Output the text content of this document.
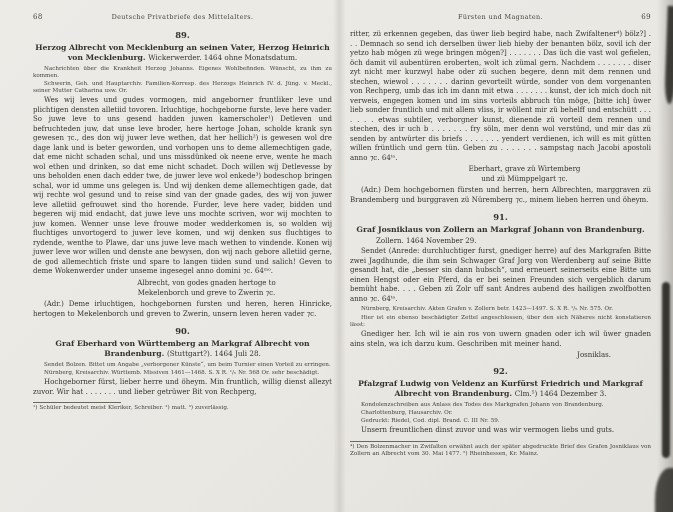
68	Deutsche Privatbriefe des Mittelalters.
89.
Herzog Albrecht von Mecklenburg an seinen Vater, Herzog Heinrich von Mecklenburg. Wickerwerder. 1464 ohne Monatsdatum.

Nachrichten über die Krankheit Herzog Johanns. Eigenes Wohlbefinden. Wünscht, zu ihm zu kommen.

Schwerin, Geh. und Hauptarchiv. Familien-Korresp. des Herzogs Heinrich IV. d. Jüng. v. Meckl., seiner Mutter Catharina usw. Or.

Wes wij leves und gudes vormogen, mid angeborner fruntliker leve und plichtigen densten alletiid tovoren. Irluchtige, hochgeborne furste, leve here vader. So juwe leve to uns gesend hadden juwen kamerscholer¹) Detleven und befruchteden juw, dat unse leve broder, here hertoge Johan, scholde krank syn gewesen ⁊c., des don wij juwer leve wethen, dat her hellich²) is gewesen wol dre dage lank und is beter geworden, und vorhopen uns to deme allemechtigen gade, dat eme nicht schaden schal, und uns missdünked ok neene erve, wente he mach wol ethen und drinken, so dat eme nicht schadet. Doch willen wij Detlevesse by uns beholden enen dach edder twe, de juwer leve wol enkede³) bodeschop bringen schal, wor id umme uns gelegen is. Und wij denken deme allemechtigen gade, dat wij rechte wol gesund und to reise sind van der gnade gades, des wij von juwer leve alletiid gefrouwet sind tho horende. Furder, leve here vader, bidden und begeren wij mid endacht, dat juwe leve uns mochte scriven, wor wij mochten to juw komen. Wenner unse leve frouwe moder wedderkomen is, so wolden wij fluchtiges unvortogerd to juwer leve komen, und wij denken sus fluchtiges to rydende, wenthe to Plawe, dar uns juwe leve mach wethen to vindende. Konen wij juwer leve wor willen und denste ane bewysen, don wij nach gebore alletiid gerne, de god allemechtich friste und spare to langen tiiden sund und salich! Geven to deme Wokenwerder under unseme ingesegel anno domini ⁊c. 64ᵐᵒ.

Albrecht, von godes gnaden hertoge to
Mekelenborch und greve to Zwerin ⁊c.

(Adr.) Deme irluchtigen, hochgebornen fursten und heren, heren Hinricke, hertogen to Mekelenborch und greven to Zwerin, unsern leven heren vader ⁊c.

90.
Graf Eberhard von Württemberg an Markgraf Albrecht von Brandenburg. (Stuttgart?). 1464 Juli 28.

Sendet Bolzen. Bittet um Angabe „verborgener Künste“, um beim Turnier einen Vorteil zu erringen.

Nürnberg, Kreisarchiv. Württemb. Missiven 1461—1468. S. X R. ¹/₅ Nr. 568 Or. sehr beschädigt.

Hochgeborner fürst, lieber herre und öheym. Min fruntlich, willig dienst allezyt zuvor. Wir hat . . . . . . . und lieber getrüwer Bit von Rechperg,

¹) Schüler bedeutet meist Kleriker, Schreiber. ²) matt. ³) zuverlässig.

Fürsten und Magnaten.	69

ritter, zü erkennen gegeben, das üwer lieb begird habe, nach Zwifaltener⁴) bölz?] . . . Demnach so send ich derselben üwer lieb hieby der benanten bölz, sovil ich der yetzo hab mögen zü wege bringen mögen?] . . . . . . . Das üch die vast wol gefielen, öch damit vil aubentüren eroberten, wolt ich zümal gern. Nachdem . . . . . . . diser zyt nicht mer kurzwyl habe oder zü suchen begere, denn mit dem rennen und stechen, wiewol . . . . . . . darinn gevorteilt würde, sonder von dem vorgenanten von Rechperg, umb das ich im dann mit etwa . . . . . . . kunst, der ich mich doch nit verweis, engegen komen und im sins vorteils abbruch tün möge, [bitte ich] üwer lieb sonder fruntlich und mit allem vliss, ir wöllent mir zü behelff und entschütt . . . . . . . etwas subtiler, verborgner kunst, dienende zü vorteil dem rennen und stechen, des ir uch b . . . . . . . fry söln, mer denn wol verstünd, und mir das zü senden by antwürter dis briefs . . . . . . . yendert verdienen, ich will es mit gütten willen früntlich und gern tün. Geben zu . . . . . . . sampstag nach Jacobi apostoli anno ⁊c. 64ᵗᵒ.

Eberhart, grave zü Wirtemberg
und zü Mümppelgart ⁊c.

(Adr.) Dem hochgebornen fürsten und herren, hern Albrechten, marggraven zü Brandemberg und burggraven zü Nüremberg ⁊c., minem lieben herren und öheym.

91.
Graf Josniklaus von Zollern an Markgraf Johann von Brandenburg.
Zollern. 1464 November 29.

Sendet (Anrede: durchluchtiger furst, gnediger herre) auf des Markgrafen Bitte zwei Jagdhunde, die ihm sein Schwager Graf Jorg von Werdenberg auf seine Bitte gesandt hat, die „besser sin dann hubsch“, und erneuert seinerseits eine Bitte um einen Hengst oder ein Pferd, da er bei seinen Freunden sich vergeblich darum bemüht habe. . . . Geben zü Zolr uff sant Andres aubend des hailigen zwolfbotten anno ⁊c. 64ᵗᵒ.

Nürnberg, Kreisarchiv. Akten Grafen v. Zollern betr. 1423—1497. S. X R. ¹/₅ Nr. 575. Or.

Hier ist ein ebenso beschädigter Zettel angeschlossen, über den sich Näheres nicht konstatieren lässt:

Gnediger her. Ich wil ie ain ros von uwern gnaden oder ich wil üwer gnaden ains steln, wa ich darzu kum. Geschriben mit meiner hand.

Josniklas.
92.
Pfalzgraf Ludwig von Veldenz an Kurfürst Friedrich und Markgraf Albrecht von Brandenburg. Clm.⁵) 1464 Dezember 3.

Kondolenzschreiben aus Anlass des Todes des Markgrafen Johann von Brandenburg.

Charlottenburg, Hausarchiv. Or.

Gedruckt: Riedel, Cod. dipl. Brand. C. III Nr. 59.

Unsern freuntlichen dinst zuvor und was wir vermogen liebs und guts.

⁴) Den Bolzenmacher in Zwifalten erwähnt auch der später abgedruckte Brief des Grafen Josniklaus von Zollern an Albrecht vom 30. Mai 1477. ⁵) Rheinhessen, Kr. Mainz.
